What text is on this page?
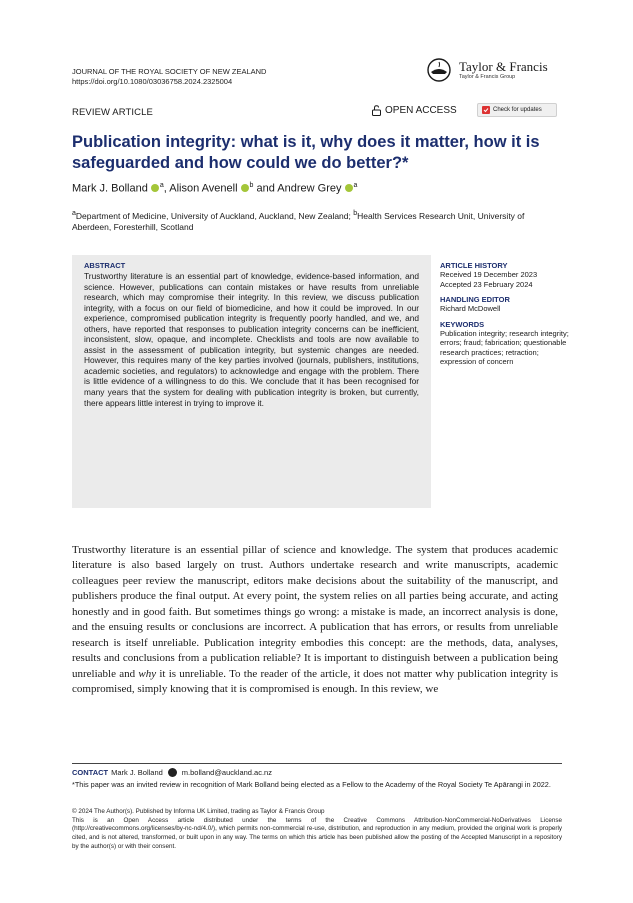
JOURNAL OF THE ROYAL SOCIETY OF NEW ZEALAND
https://doi.org/10.1080/03036758.2024.2325004
Taylor & Francis
Taylor & Francis Group
REVIEW ARTICLE	OPEN ACCESS	Check for updates
Publication integrity: what is it, why does it matter, how it is safeguarded and how could we do better?*
Mark J. Bolland $^a$, Alison Avenell $^b$ and Andrew Grey $^a$
$^a$Department of Medicine, University of Auckland, Auckland, New Zealand; $^b$Health Services Research Unit, University of Aberdeen, Foresterhill, Scotland
ABSTRACT
Trustworthy literature is an essential part of knowledge, evidence-based information, and science. However, publications can contain mistakes or have results from unreliable research, which may compromise their integrity. In this review, we discuss publication integrity, with a focus on our field of biomedicine, and how it could be improved. In our experience, compromised publication integrity is frequently poorly handled, and we, and others, have reported that responses to publication integrity concerns can be inefficient, inconsistent, slow, opaque, and incomplete. Checklists and tools are now available to assist in the assessment of publication integrity, but systemic changes are needed. However, this requires many of the key parties involved (journals, publishers, institutions, academic societies, and regulators) to acknowledge and engage with the problem. There is little evidence of a willingness to do this. We conclude that it has been recognised for many years that the system for dealing with publication integrity is broken, but currently, there appears little interest in trying to improve it.
ARTICLE HISTORY
Received 19 December 2023
Accepted 23 February 2024
HANDLING EDITOR
Richard McDowell
KEYWORDS
Publication integrity; research integrity; errors; fraud; fabrication; questionable research practices; retraction; expression of concern
Trustworthy literature is an essential pillar of science and knowledge. The system that produces academic literature is also based largely on trust. Authors undertake research and write manuscripts, academic colleagues peer review the manuscript, editors make decisions about the suitability of the manuscript, and publishers produce the final output. At every point, the system relies on all parties being accurate, and acting honestly and in good faith. But sometimes things go wrong: a mistake is made, an incorrect analysis is done, and the ensuing results or conclusions are incorrect. A publication that has errors, or results from unreliable research is itself unreliable. Publication integrity embodies this concept: are the methods, data, analyses, results and conclusions from a publication reliable? It is important to distinguish between a publication being unreliable and why it is unreliable. To the reader of the article, it does not matter why publication integrity is compromised, simply knowing that it is compromised is enough. In this review, we
CONTACT Mark J. Bolland	m.bolland@auckland.ac.nz
*This paper was an invited review in recognition of Mark Bolland being elected as a Fellow to the Academy of the Royal Society Te Apārangi in 2022.
© 2024 The Author(s). Published by Informa UK Limited, trading as Taylor & Francis Group
This is an Open Access article distributed under the terms of the Creative Commons Attribution-NonCommercial-NoDerivatives License (http://creativecommons.org/licenses/by-nc-nd/4.0/), which permits non-commercial re-use, distribution, and reproduction in any medium, provided the original work is properly cited, and is not altered, transformed, or built upon in any way. The terms on which this article has been published allow the posting of the Accepted Manuscript in a repository by the author(s) or with their consent.
